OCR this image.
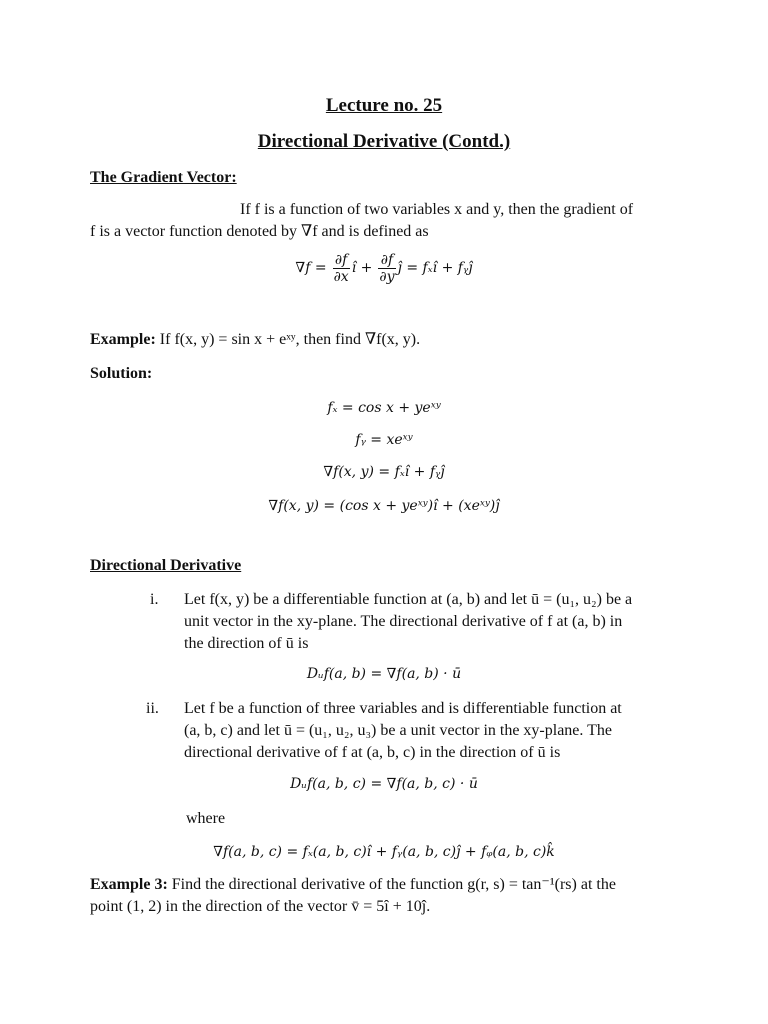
Lecture no. 25
Directional Derivative (Contd.)
The Gradient Vector:
If f is a function of two variables x and y, then the gradient of
f is a vector function denoted by ∇f and is defined as
$\nabla f = \frac{\partial f}{\partial x}$ î + $\frac{\partial f}{\partial y}$ ĵ = fₓî + fᵧĵ
Example: If f(x, y) = sin x + eˣʸ, then find ∇f(x, y).
Solution:
fₓ = cos x + yeˣʸ
fᵧ = xeˣʸ
∇f(x, y) = fₓî + fᵧĵ
∇f(x, y) = (cos x + yeˣʸ)î + (xeˣʸ)ĵ
Directional Derivative
i. Let f(x, y) be a differentiable function at (a, b) and let ū = (u₁, u₂) be a
unit vector in the xy-plane. The directional derivative of f at (a, b) in
the direction of ū is
Dᵤf(a, b) = ∇f(a, b) · ū
ii. Let f be a function of three variables and is differentiable function at
(a, b, c) and let ū = (u₁, u₂, u₃) be a unit vector in the xy-plane. The
directional derivative of f at (a, b, c) in the direction of ū is
Dᵤf(a, b, c) = ∇f(a, b, c) · ū
where
∇f(a, b, c) = fₓ(a, b, c)î + fᵧ(a, b, c)ĵ + fᵩ(a, b, c)k̂
Example 3: Find the directional derivative of the function g(r, s) = tan⁻¹(rs) at the
point (1, 2) in the direction of the vector v̄ = 5î + 10ĵ.
